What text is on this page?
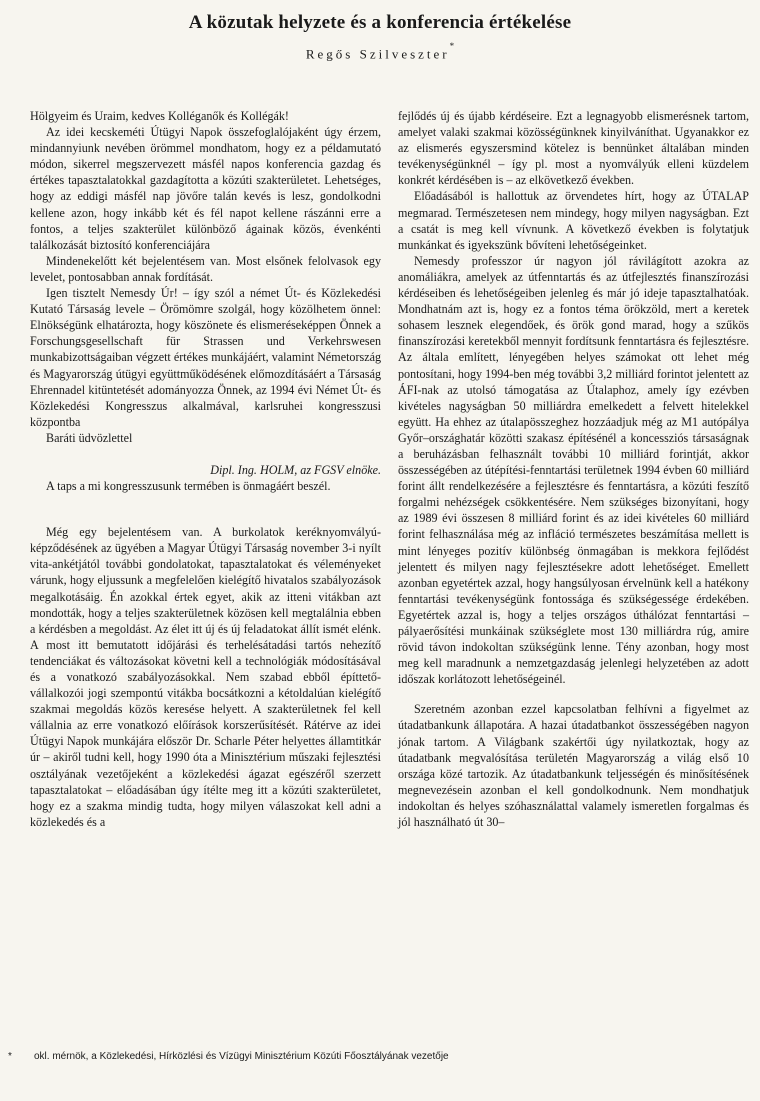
A közutak helyzete és a konferencia értékelése
Regős Szilveszter*

Hölgyeim és Uraim, kedves Kolléganők és Kollégák!

Az idei kecskeméti Útügyi Napok összefoglalójaként úgy érzem, mindannyiunk nevében örömmel mondhatom, hogy ez a példamutató módon, sikerrel megszervezett másfél napos konferencia gazdag és értékes tapasztalatokkal gazdagította a közúti szakterületet. Lehetséges, hogy az eddigi másfél nap jövőre talán kevés is lesz, gondolkodni kellene azon, hogy inkább két és fél napot kellene rászánni erre a fontos, a teljes szakterület különböző ágainak közös, évenkénti találkozását biztosító konferenciájára

Mindenekelőtt két bejelentésem van. Most elsőnek felolvasok egy levelet, pontosabban annak fordítását.

Igen tisztelt Nemesdy Úr! – így szól a német Út- és Közlekedési Kutató Társaság levele – Örömömre szolgál, hogy közölhetem önnel: Elnökségünk elhatározta, hogy köszönete és elismeréseképpen Önnek a Forschungsgesellschaft für Strassen und Verkehrswesen munkabizottságaiban végzett értékes munkájáért, valamint Németország és Magyarország útügyi együttműködésének előmozdításáért a Társaság Ehrennadel kitüntetését adományozza Önnek, az 1994 évi Német Út- és Közlekedési Kongresszus alkalmával, karlsruhei kongresszusi központba

Baráti üdvözlettel

Dipl. Ing. HOLM, az FGSV elnöke.

A taps a mi kongresszusunk termében is önmagáért beszél.

Még egy bejelentésem van. A burkolatok keréknyomvályú-képződésének az ügyében a Magyar Útügyi Társaság november 3-i nyílt vita-ankétjától további gondolatokat, tapasztalatokat és véleményeket várunk, hogy eljussunk a megfelelően kielégítő hivatalos szabályozások megalkotásáig. Én azokkal értek egyet, akik az itteni vitákban azt mondották, hogy a teljes szakterületnek közösen kell megtalálnia ebben a kérdésben a megoldást. Az élet itt új és új feladatokat állít ismét elénk. A most itt bemutatott időjárási és terhelésátadási tartós nehezítő tendenciákat és változásokat követni kell a technológiák módosításával és a vonatkozó szabályozásokkal. Nem szabad ebből építtető-vállalkozói jogi szempontú vitákba bocsátkozni a kétoldalúan kielégítő szakmai megoldás közös keresése helyett. A szakterületnek fel kell vállalnia az erre vonatkozó előírások korszerűsítését. Rátérve az idei Útügyi Napok munkájára először Dr. Scharle Péter helyettes államtitkár úr – akiről tudni kell, hogy 1990 óta a Minisztérium műszaki fejlesztési osztályának vezetőjeként a közlekedési ágazat egészéről szerzett tapasztalatokat – előadásában úgy ítélte meg itt a közúti szakterületet, hogy ez a szakma mindig tudta, hogy milyen válaszokat kell adni a közlekedés és a

fejlődés új és újabb kérdéseire. Ezt a legnagyobb elismerésnek tartom, amelyet valaki szakmai közösségünknek kinyilváníthat. Ugyanakkor ez az elismerés egyszersmind kötelez is bennünket általában minden tevékenységünknél – így pl. most a nyomvályúk elleni küzdelem konkrét kérdésében is – az elkövetkező években.

Előadásából is hallottuk az örvendetes hírt, hogy az ÚTALAP megmarad. Természetesen nem mindegy, hogy milyen nagyságban. Ezt a csatát is meg kell vívnunk. A következő években is folytatjuk munkánkat és igyekszünk bővíteni lehetőségeinket.

Nemesdy professzor úr nagyon jól rávilágított azokra az anomáliákra, amelyek az útfenntartás és az útfejlesztés finanszírozási kérdéseiben és lehetőségeiben jelenleg és már jó ideje tapasztalhatóak. Mondhatnám azt is, hogy ez a fontos téma örökzöld, mert a keretek sohasem lesznek elegendőek, és örök gond marad, hogy a szűkös finanszírozási keretekből mennyit fordítsunk fenntartásra és fejlesztésre. Az általa említett, lényegében helyes számokat ott lehet még pontosítani, hogy 1994-ben még további 3,2 milliárd forintot jelentett az ÁFI-nak az utolsó támogatása az Útalaphoz, amely így ezévben kivételes nagyságban 50 milliárdra emelkedett a felvett hitelekkel együtt. Ha ehhez az útalapösszeghez hozzáadjuk még az M1 autópálya Győr–országhatár közötti szakasz építésénél a koncessziós társaságnak a beruházásban felhasznált további 10 milliárd forintját, akkor összességében az útépítési-fenntartási területnek 1994 évben 60 milliárd forint állt rendelkezésére a fejlesztésre és fenntartásra, a közúti feszítő forgalmi nehézségek csökkentésére. Nem szükséges bizonyítani, hogy az 1989 évi összesen 8 milliárd forint és az idei kivételes 60 milliárd forint felhasználása még az infláció természetes beszámítása mellett is mint lényeges pozitív különbség önmagában is mekkora fejlődést jelentett és milyen nagy fejlesztésekre adott lehetőséget. Emellett azonban egyetértek azzal, hogy hangsúlyosan érvelnünk kell a hatékony fenntartási tevékenységünk fontossága és szükségessége érdekében. Egyetértek azzal is, hogy a teljes országos úthálózat fenntartási – pályaerősítési munkáinak szükséglete most 130 milliárdra rúg, amire rövid távon indokoltan szükségünk lenne. Tény azonban, hogy most meg kell maradnunk a nemzetgazdaság jelenlegi helyzetében az adott időszak korlátozott lehetőségeinél.

Szeretném azonban ezzel kapcsolatban felhívni a figyelmet az útadatbankunk állapotára. A hazai útadatbankot összességében nagyon jónak tartom. A Világbank szakértői úgy nyilatkoztak, hogy az útadatbank megvalósítása területén Magyarország a világ első 10 országa közé tartozik. Az útadatbankunk teljességén és minősítésének megnevezésein azonban el kell gondolkodnunk. Nem mondhatjuk indokoltan és helyes szóhasználattal valamely ismeretlen forgalmas és jól használható út 30–

* okl. mérnök, a Közlekedési, Hírközlési és Vízügyi Minisztérium Közúti Főosztályának vezetője
